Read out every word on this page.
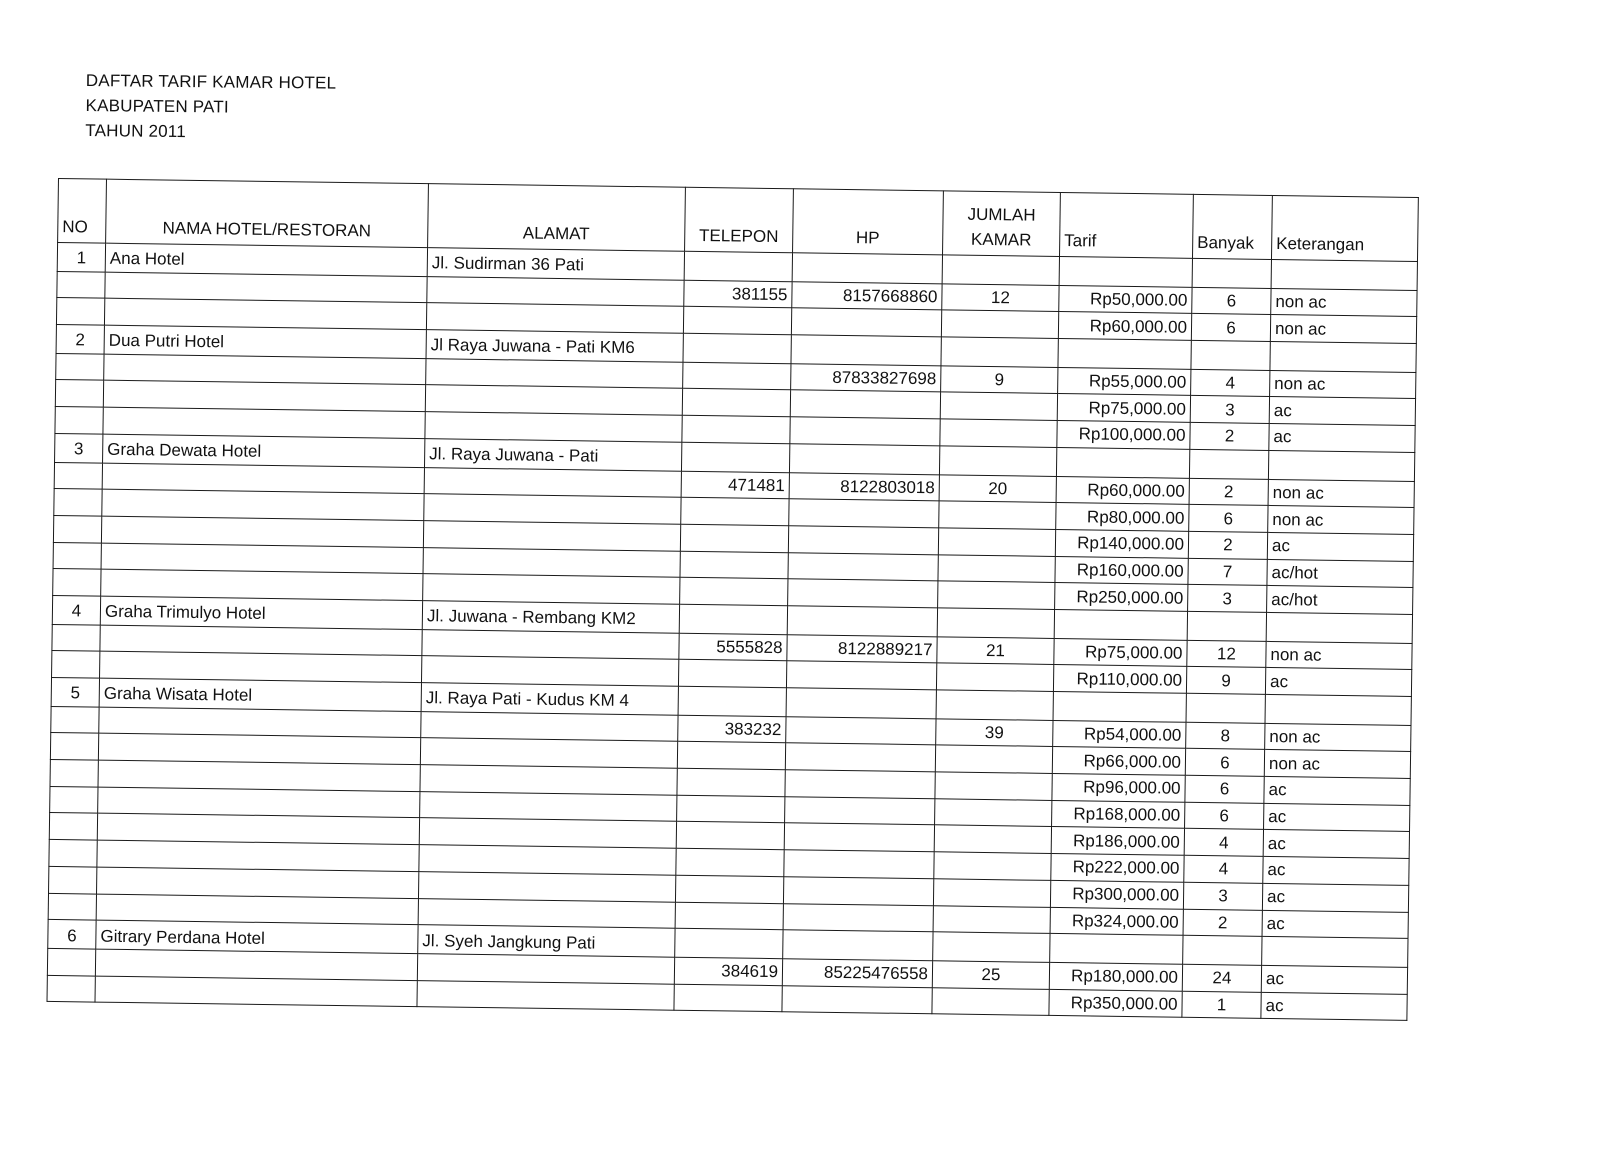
DAFTAR TARIF KAMAR HOTEL
KABUPATEN PATI
TAHUN 2011
NO	NAMA HOTEL/RESTORAN	ALAMAT	TELEPON	HP	JUMLAH
KAMAR	Tarif	Banyak	Keterangan
1	Ana Hotel	Jl. Sudirman 36 Pati						
			381155	8157668860	12	Rp50,000.00	6	non ac
						Rp60,000.00	6	non ac
2	Dua Putri Hotel	Jl Raya Juwana - Pati KM6						
				87833827698	9	Rp55,000.00	4	non ac
						Rp75,000.00	3	ac
						Rp100,000.00	2	ac
3	Graha Dewata Hotel	Jl. Raya Juwana - Pati						
			471481	8122803018	20	Rp60,000.00	2	non ac
						Rp80,000.00	6	non ac
						Rp140,000.00	2	ac
						Rp160,000.00	7	ac/hot
						Rp250,000.00	3	ac/hot
4	Graha Trimulyo Hotel	Jl. Juwana - Rembang KM2						
			5555828	8122889217	21	Rp75,000.00	12	non ac
						Rp110,000.00	9	ac
5	Graha Wisata Hotel	Jl. Raya Pati - Kudus KM 4						
			383232		39	Rp54,000.00	8	non ac
						Rp66,000.00	6	non ac
						Rp96,000.00	6	ac
						Rp168,000.00	6	ac
						Rp186,000.00	4	ac
						Rp222,000.00	4	ac
						Rp300,000.00	3	ac
						Rp324,000.00	2	ac
6	Gitrary Perdana Hotel	Jl. Syeh Jangkung Pati						
			384619	85225476558	25	Rp180,000.00	24	ac
						Rp350,000.00	1	ac
